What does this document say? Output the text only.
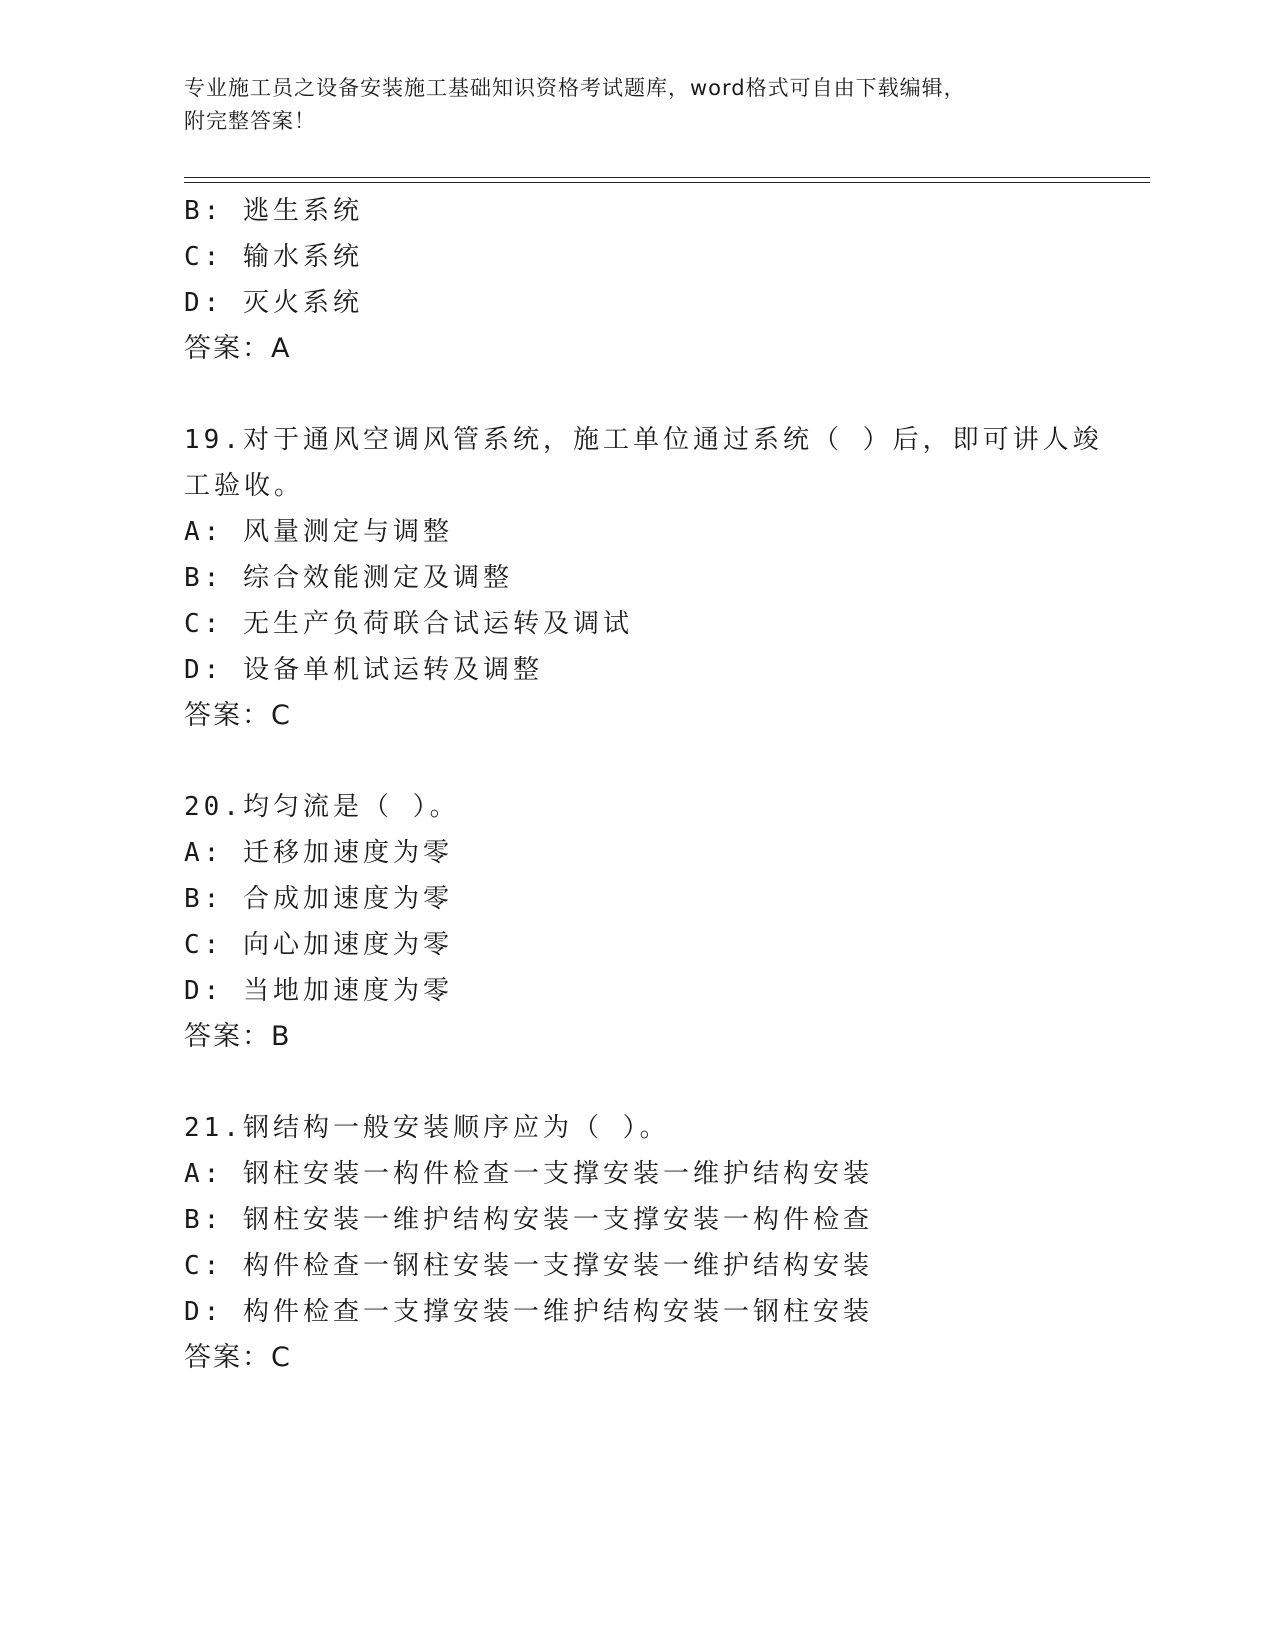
专业施工员之设备安装施工基础知识资格考试题库，word格式可自由下载编辑，
附完整答案！
B: 逃生系统
C: 输水系统
D: 灭火系统
答案：A
19.对于通风空调风管系统，施工单位通过系统（ ）后，即可讲人竣
工验收。
A: 风量测定与调整
B: 综合效能测定及调整
C: 无生产负荷联合试运转及调试
D: 设备单机试运转及调整
答案：C
20.均匀流是（ ）。
A: 迁移加速度为零
B: 合成加速度为零
C: 向心加速度为零
D: 当地加速度为零
答案：B
21.钢结构一般安装顺序应为（ ）。
A: 钢柱安装一构件检查一支撑安装一维护结构安装
B: 钢柱安装一维护结构安装一支撑安装一构件检查
C: 构件检查一钢柱安装一支撑安装一维护结构安装
D: 构件检查一支撑安装一维护结构安装一钢柱安装
答案：C
